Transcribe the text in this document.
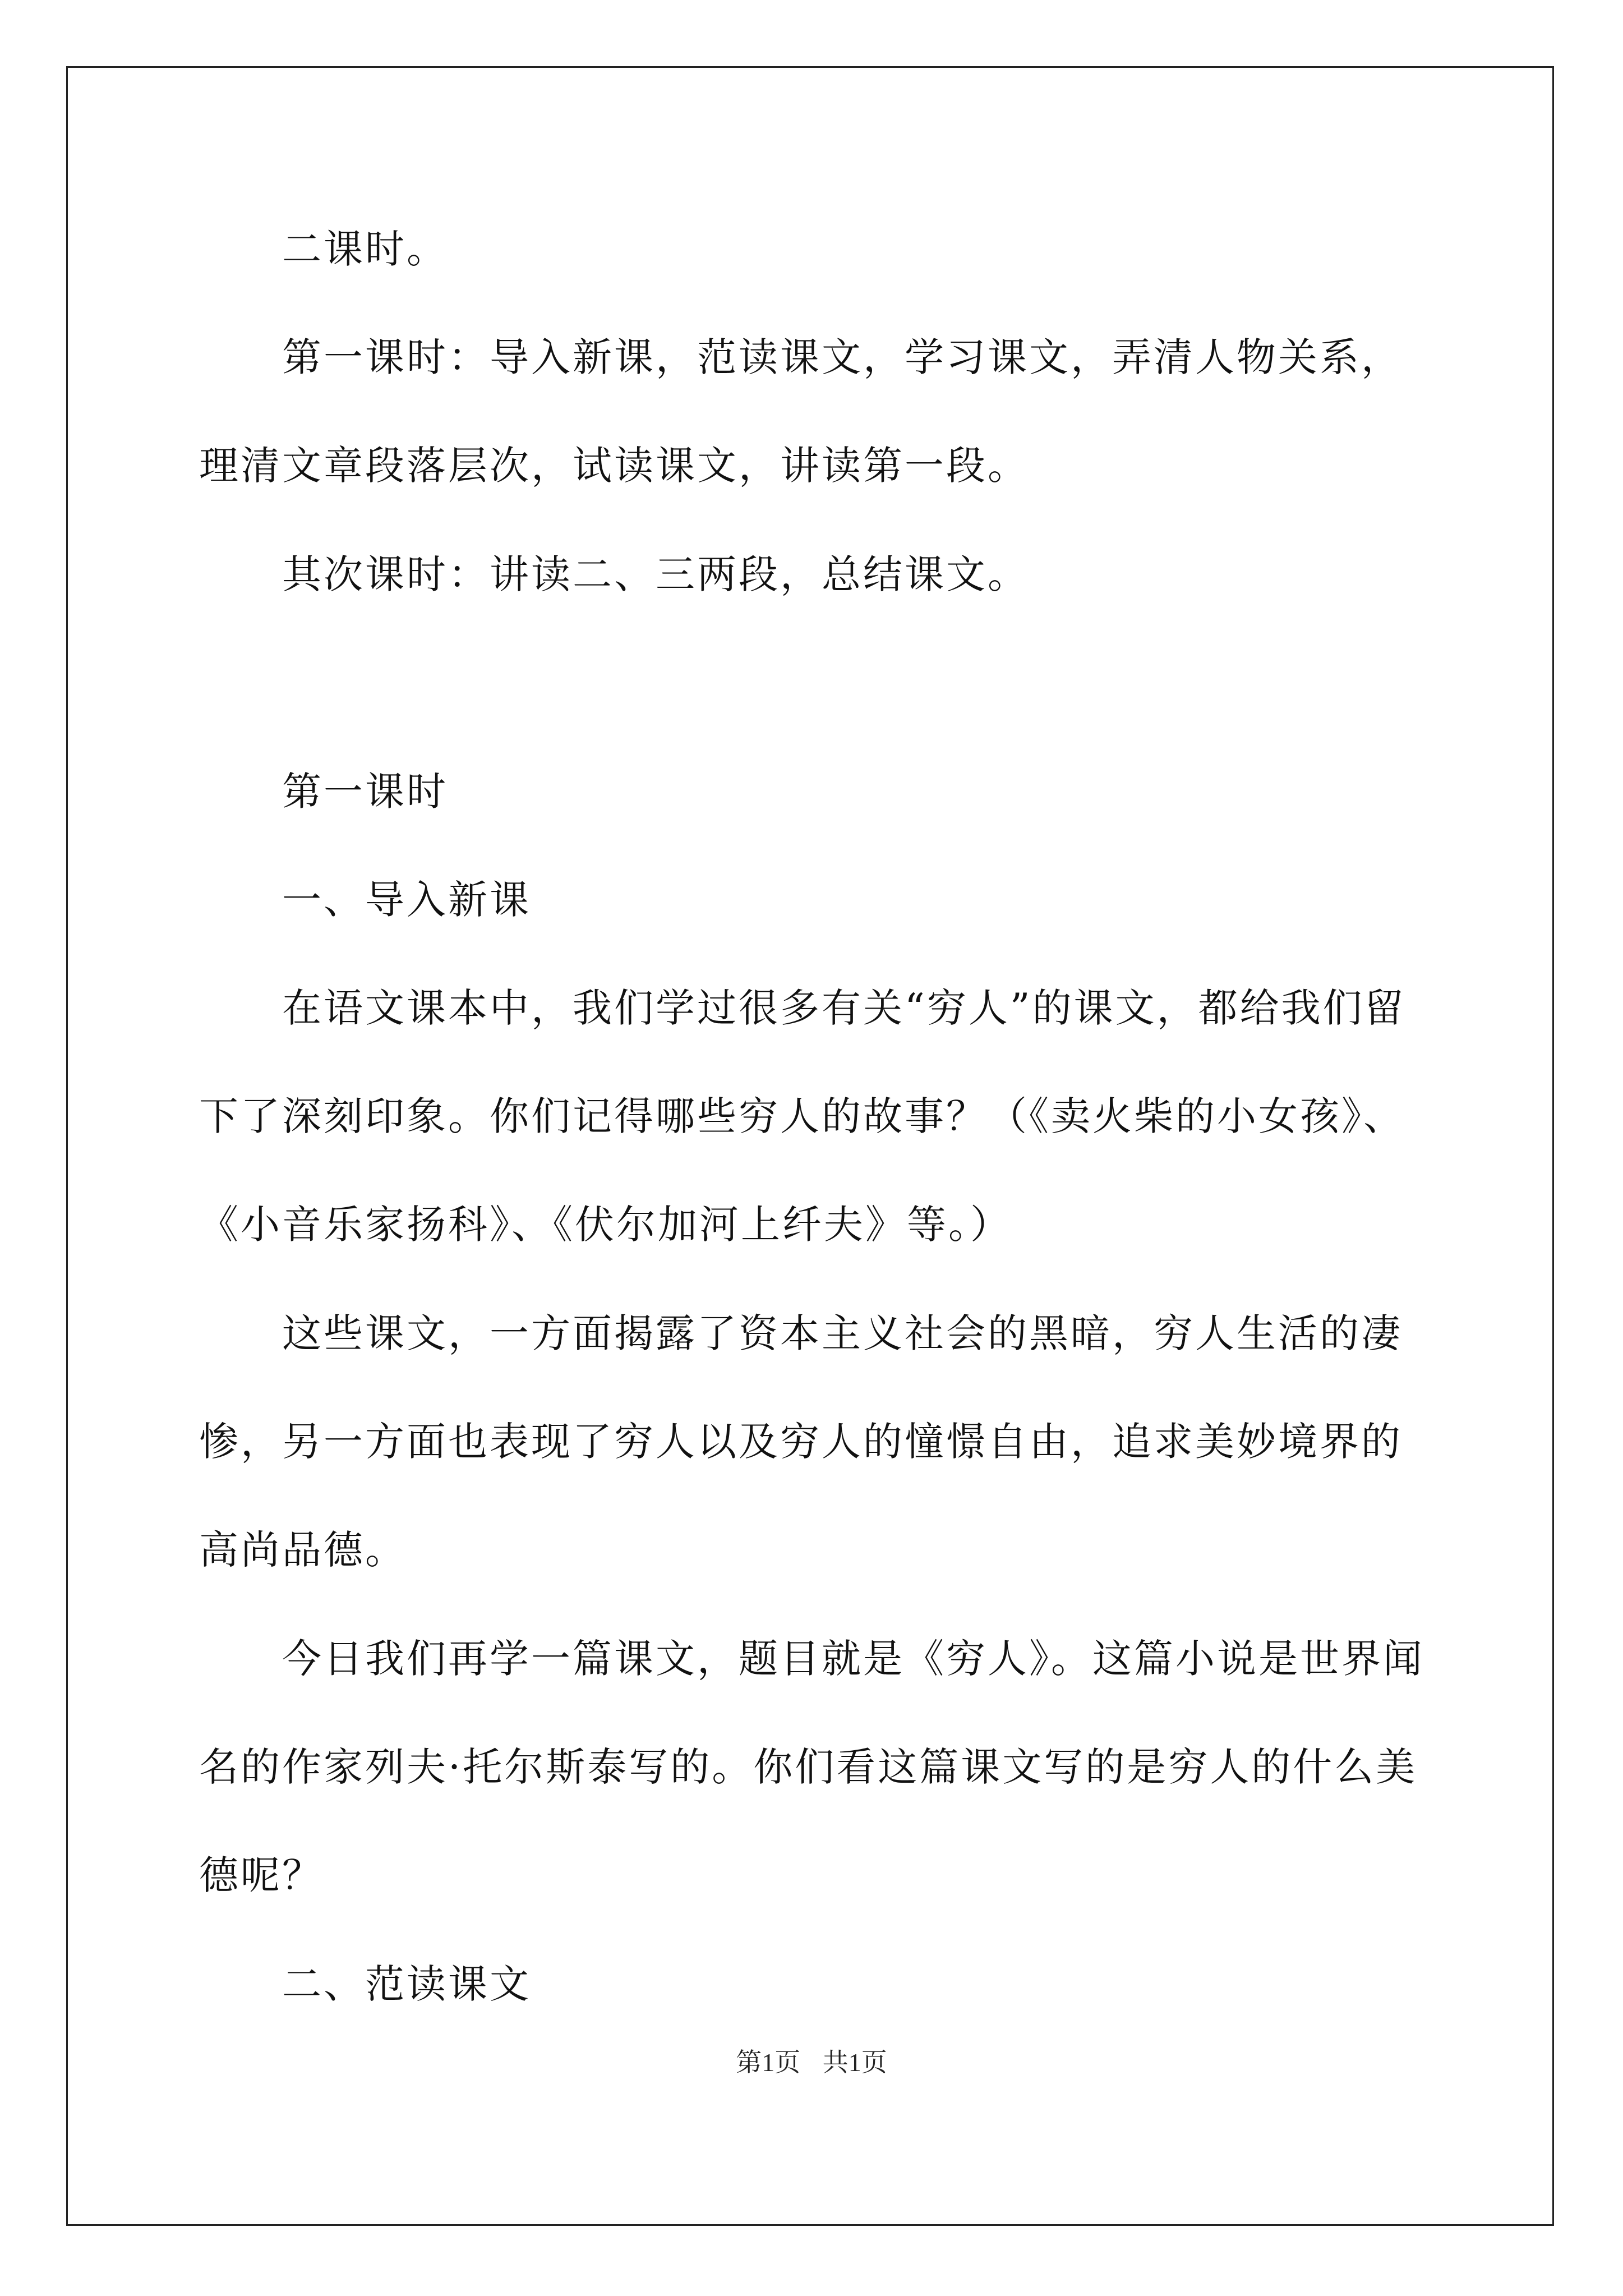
二课时。

第一课时：导入新课，范读课文，学习课文，弄清人物关系，理清文章段落层次，试读课文，讲读第一段。

其次课时：讲读二、三两段，总结课文。

第一课时

一、导入新课

在语文课本中，我们学过很多有关“穷人”的课文，都给我们留下了深刻印象。你们记得哪些穷人的故事？（《卖火柴的小女孩》、《小音乐家扬科》、《伏尔加河上纤夫》等。）

这些课文，一方面揭露了资本主义社会的黑暗，穷人生活的凄惨，另一方面也表现了穷人以及穷人的憧憬自由，追求美妙境界的高尚品德。

今日我们再学一篇课文，题目就是《穷人》。这篇小说是世界闻名的作家列夫·托尔斯泰写的。你们看这篇课文写的是穷人的什么美德呢？

二、范读课文

第1页 共1页
